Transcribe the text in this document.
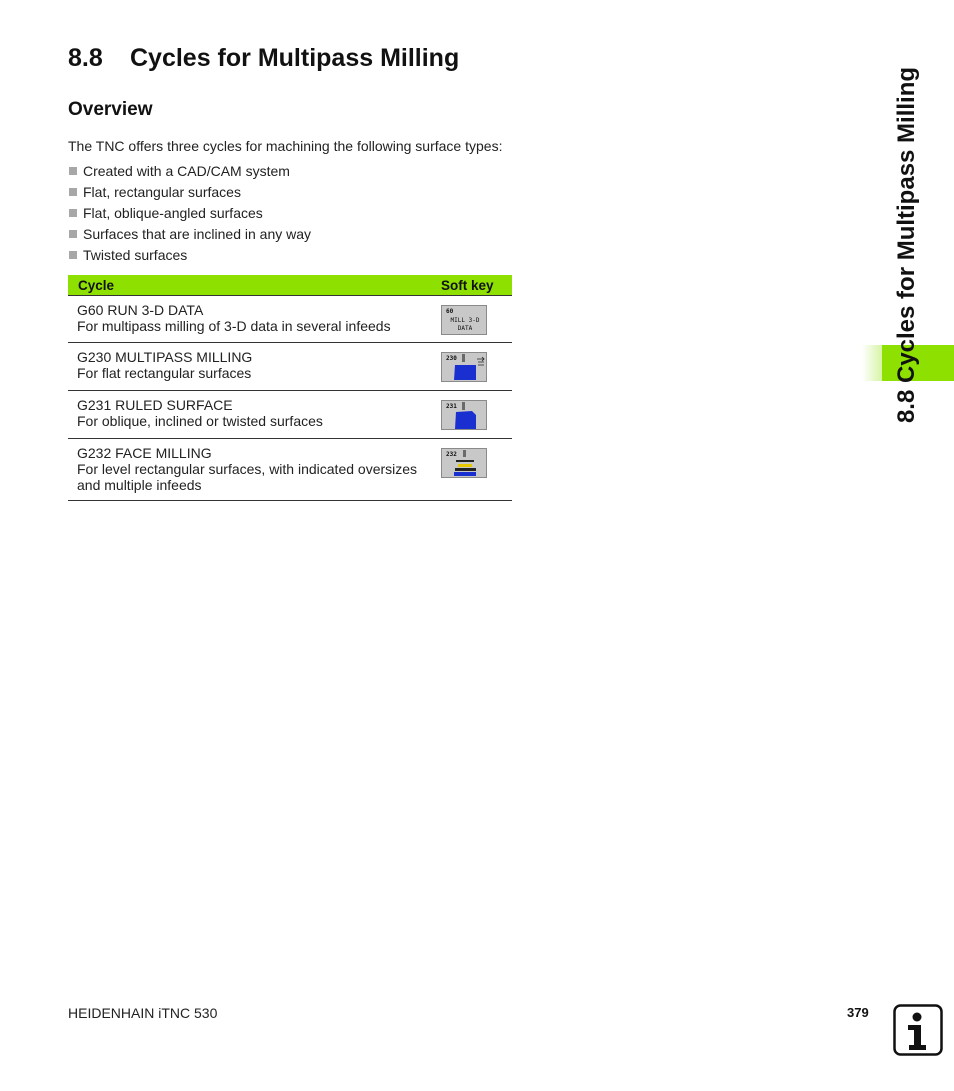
8.8 Cycles for Multipass Milling
Overview

The TNC offers three cycles for machining the following surface types:

Created with a CAD/CAM system
Flat, rectangular surfaces
Flat, oblique-angled surfaces
Surfaces that are inclined in any way
Twisted surfaces
Cycle	Soft key
G60 RUN 3-D DATA
For multipass milling of 3-D data in several infeeds
60
MILL 3-D
DATA
G230 MULTIPASS MILLING
For flat rectangular surfaces
230
G231 RULED SURFACE
For oblique, inclined or twisted surfaces
231
G232 FACE MILLING
For level rectangular surfaces, with indicated oversizes and multiple infeeds
232
8.8 Cycles for Multipass Milling
HEIDENHAIN iTNC 530	379
